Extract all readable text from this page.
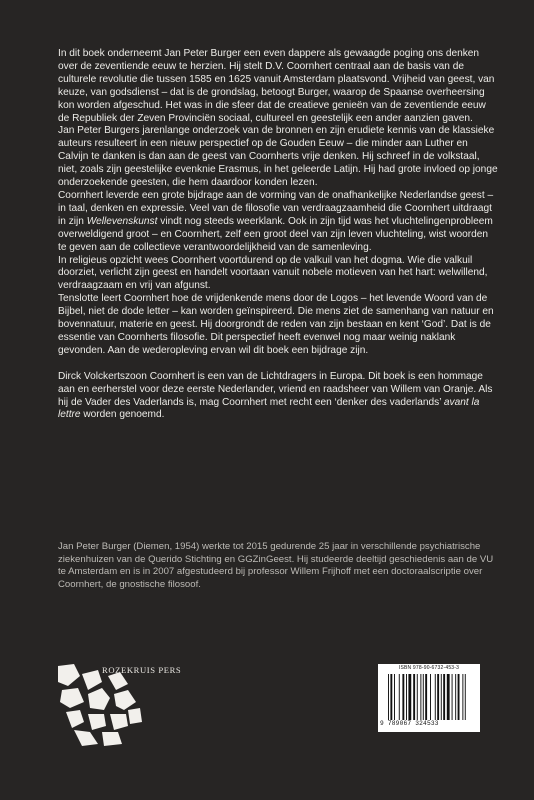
In dit boek onderneemt Jan Peter Burger een even dappere als gewaagde poging ons denken over de zeventiende eeuw te herzien. Hij stelt D.V. Coornhert centraal aan de basis van de culturele revolutie die tussen 1585 en 1625 vanuit Amsterdam plaatsvond. Vrijheid van geest, van keuze, van godsdienst – dat is de grondslag, betoogt Burger, waarop de Spaanse overheersing kon worden afgeschud. Het was in die sfeer dat de creatieve genieën van de zeventiende eeuw de Republiek der Zeven Provinciën sociaal, cultureel en geestelijk een ander aanzien gaven.

Jan Peter Burgers jarenlange onderzoek van de bronnen en zijn erudiete kennis van de klassieke auteurs resulteert in een nieuw perspectief op de Gouden Eeuw – die minder aan Luther en Calvijn te danken is dan aan de geest van Coornherts vrije denken. Hij schreef in de volkstaal, niet, zoals zijn geestelijke evenknie Erasmus, in het geleerde Latijn. Hij had grote invloed op jonge onderzoekende geesten, die hem daardoor konden lezen.

Coornhert leverde een grote bijdrage aan de vorming van de onafhankelijke Nederlandse geest – in taal, denken en expressie. Veel van de filosofie van verdraagzaamheid die Coornhert uitdraagt in zijn Wellevenskunst vindt nog steeds weerklank. Ook in zijn tijd was het vluchtelingenprobleem overweldigend groot – en Coornhert, zelf een groot deel van zijn leven vluchteling, wist woorden te geven aan de collectieve verantwoordelijkheid van de samenleving.

In religieus opzicht wees Coornhert voortdurend op de valkuil van het dogma. Wie die valkuil doorziet, verlicht zijn geest en handelt voortaan vanuit nobele motieven van het hart: welwillend, verdraagzaam en vrij van afgunst.

Tenslotte leert Coornhert hoe de vrijdenkende mens door de Logos – het levende Woord van de Bijbel, niet de dode letter – kan worden geïnspireerd. Die mens ziet de samenhang van natuur en bovennatuur, materie en geest. Hij doorgrondt de reden van zijn bestaan en kent ‘God’. Dat is de essentie van Coornherts filosofie. Dit perspectief heeft evenwel nog maar weinig naklank gevonden. Aan de wederopleving ervan wil dit boek een bijdrage zijn.

Dirck Volckertszoon Coornhert is een van de Lichtdragers in Europa. Dit boek is een hommage aan en eerherstel voor deze eerste Nederlander, vriend en raadsheer van Willem van Oranje. Als hij de Vader des Vaderlands is, mag Coornhert met recht een ‘denker des vaderlands’ avant la lettre worden genoemd.

Jan Peter Burger (Diemen, 1954) werkte tot 2015 gedurende 25 jaar in verschillende psychiatrische ziekenhuizen van de Querido Stichting en GGZinGeest. Hij studeerde deeltijd geschiedenis aan de VU te Amsterdam en is in 2007 afgestudeerd bij professor Willem Frijhoff met een doctoraalscriptie over Coornhert, de gnostische filosoof.

ROZEKRUIS PERS	ISBN 978-90-6732-453-3
9 789067 324533
